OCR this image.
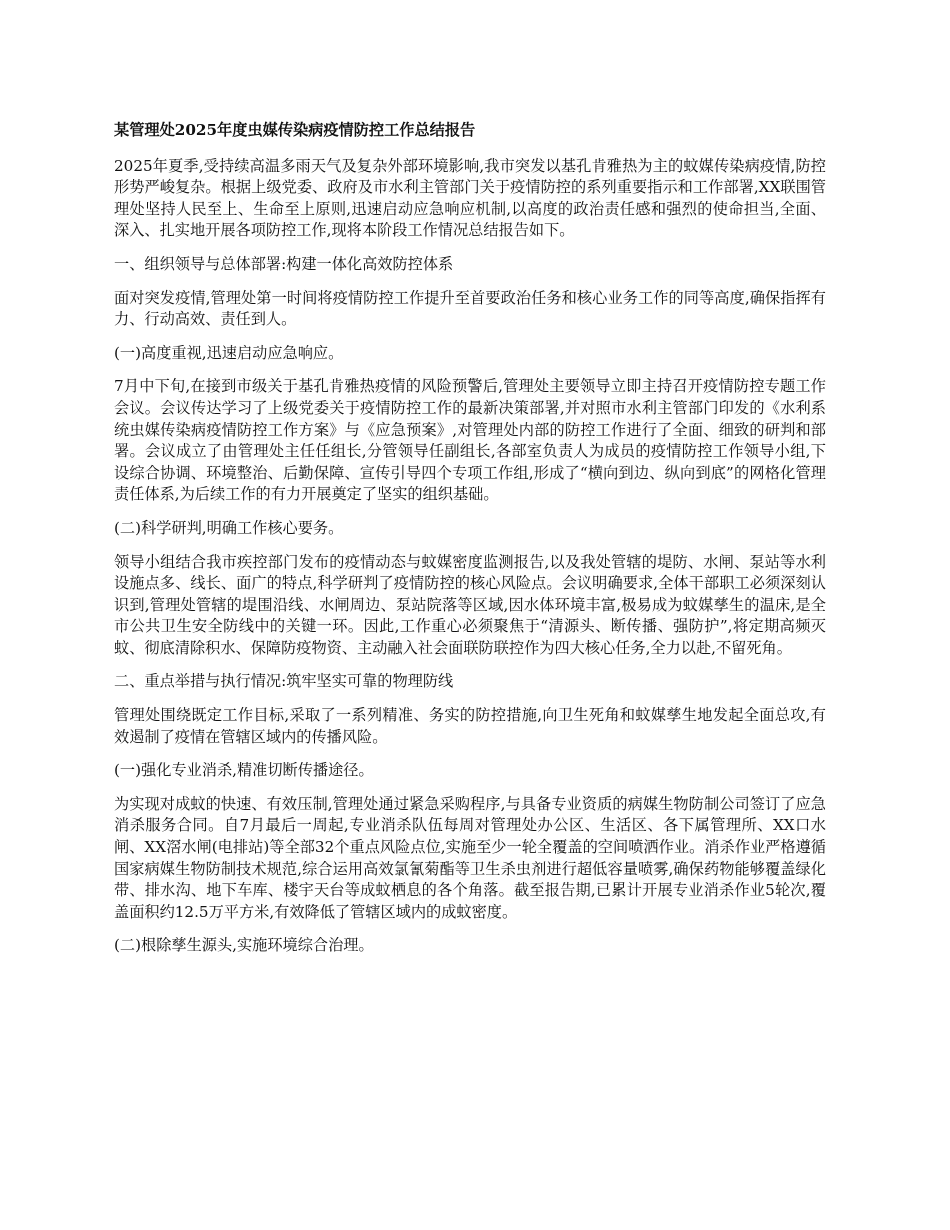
某管理处2025年度虫媒传染病疫情防控工作总结报告
2025年夏季,受持续高温多雨天气及复杂外部环境影响,我市突发以基孔肯雅热为主的蚊媒传染病疫情,防控形势严峻复杂。根据上级党委、政府及市水利主管部门关于疫情防控的系列重要指示和工作部署,XX联围管理处坚持人民至上、生命至上原则,迅速启动应急响应机制,以高度的政治责任感和强烈的使命担当,全面、深入、扎实地开展各项防控工作,现将本阶段工作情况总结报告如下。
一、组织领导与总体部署:构建一体化高效防控体系
面对突发疫情,管理处第一时间将疫情防控工作提升至首要政治任务和核心业务工作的同等高度,确保指挥有力、行动高效、责任到人。
(一)高度重视,迅速启动应急响应。
7月中下旬,在接到市级关于基孔肯雅热疫情的风险预警后,管理处主要领导立即主持召开疫情防控专题工作会议。会议传达学习了上级党委关于疫情防控工作的最新决策部署,并对照市水利主管部门印发的《水利系统虫媒传染病疫情防控工作方案》与《应急预案》,对管理处内部的防控工作进行了全面、细致的研判和部署。会议成立了由管理处主任任组长,分管领导任副组长,各部室负责人为成员的疫情防控工作领导小组,下设综合协调、环境整治、后勤保障、宣传引导四个专项工作组,形成了“横向到边、纵向到底”的网格化管理责任体系,为后续工作的有力开展奠定了坚实的组织基础。
(二)科学研判,明确工作核心要务。
领导小组结合我市疾控部门发布的疫情动态与蚊媒密度监测报告,以及我处管辖的堤防、水闸、泵站等水利设施点多、线长、面广的特点,科学研判了疫情防控的核心风险点。会议明确要求,全体干部职工必须深刻认识到,管理处管辖的堤围沿线、水闸周边、泵站院落等区域,因水体环境丰富,极易成为蚊媒孳生的温床,是全市公共卫生安全防线中的关键一环。因此,工作重心必须聚焦于“清源头、断传播、强防护”,将定期高频灭蚊、彻底清除积水、保障防疫物资、主动融入社会面联防联控作为四大核心任务,全力以赴,不留死角。
二、重点举措与执行情况:筑牢坚实可靠的物理防线
管理处围绕既定工作目标,采取了一系列精准、务实的防控措施,向卫生死角和蚊媒孳生地发起全面总攻,有效遏制了疫情在管辖区域内的传播风险。
(一)强化专业消杀,精准切断传播途径。
为实现对成蚊的快速、有效压制,管理处通过紧急采购程序,与具备专业资质的病媒生物防制公司签订了应急消杀服务合同。自7月最后一周起,专业消杀队伍每周对管理处办公区、生活区、各下属管理所、XX口水闸、XX滘水闸(电排站)等全部32个重点风险点位,实施至少一轮全覆盖的空间喷洒作业。消杀作业严格遵循国家病媒生物防制技术规范,综合运用高效氯氰菊酯等卫生杀虫剂进行超低容量喷雾,确保药物能够覆盖绿化带、排水沟、地下车库、楼宇天台等成蚊栖息的各个角落。截至报告期,已累计开展专业消杀作业5轮次,覆盖面积约12.5万平方米,有效降低了管辖区域内的成蚊密度。
(二)根除孳生源头,实施环境综合治理。
